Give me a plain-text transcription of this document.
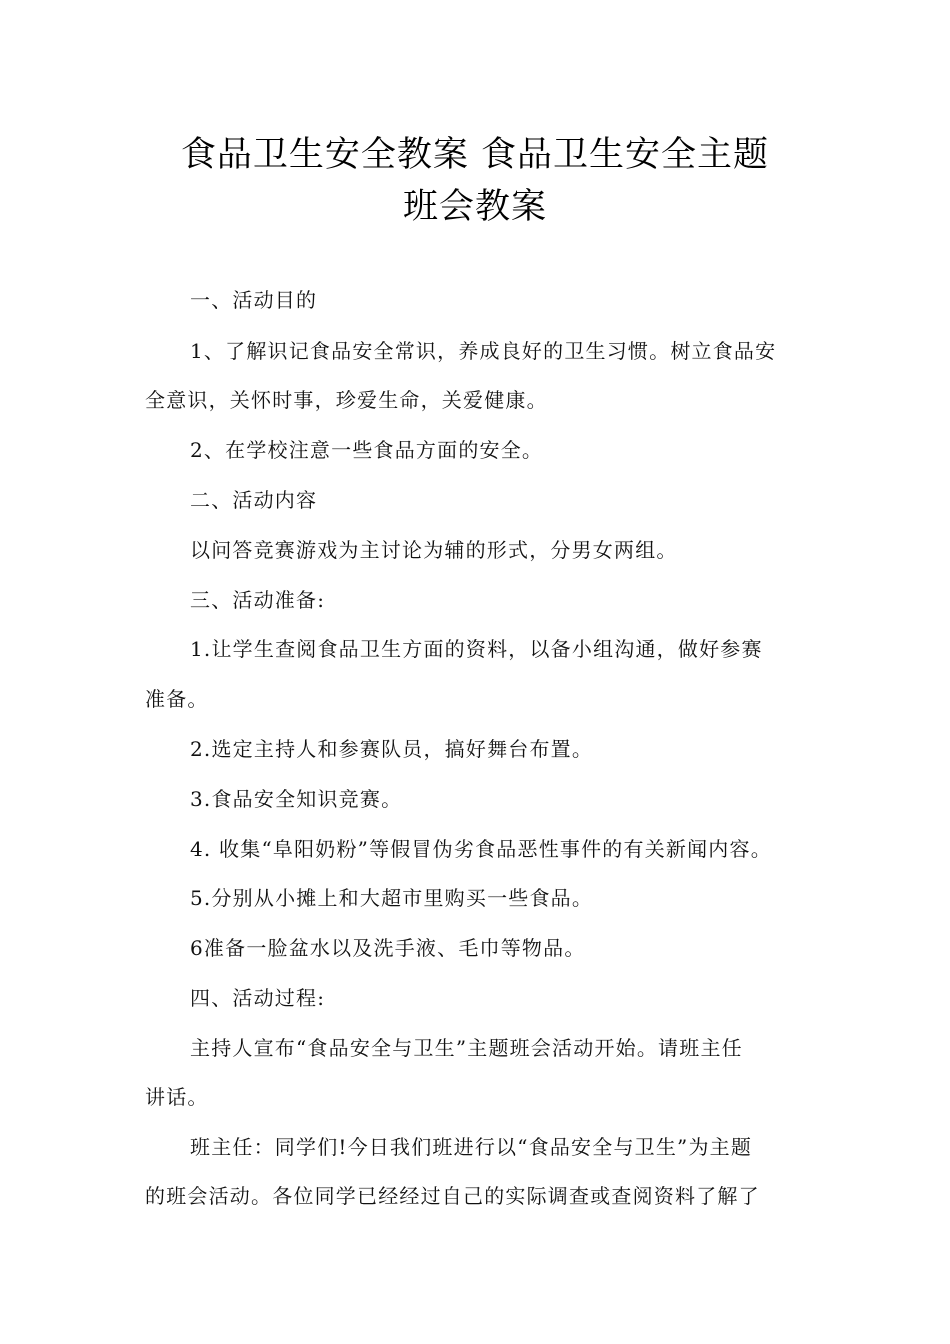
食品卫生安全教案 食品卫生安全主题
班会教案
一、活动目的
1、了解识记食品安全常识，养成良好的卫生习惯。树立食品安
全意识，关怀时事，珍爱生命，关爱健康。
2、在学校注意一些食品方面的安全。
二、活动内容
以问答竞赛游戏为主讨论为辅的形式，分男女两组。
三、活动准备:
1.让学生查阅食品卫生方面的资料，以备小组沟通，做好参赛
准备。
2.选定主持人和参赛队员，搞好舞台布置。
3.食品安全知识竞赛。
4. 收集“阜阳奶粉”等假冒伪劣食品恶性事件的有关新闻内容。
5.分别从小摊上和大超市里购买一些食品。
6准备一脸盆水以及洗手液、毛巾等物品。
四、活动过程:
主持人宣布“食品安全与卫生”主题班会活动开始。请班主任
讲话。
班主任：同学们!今日我们班进行以“食品安全与卫生”为主题
的班会活动。各位同学已经经过自己的实际调查或查阅资料了解了
